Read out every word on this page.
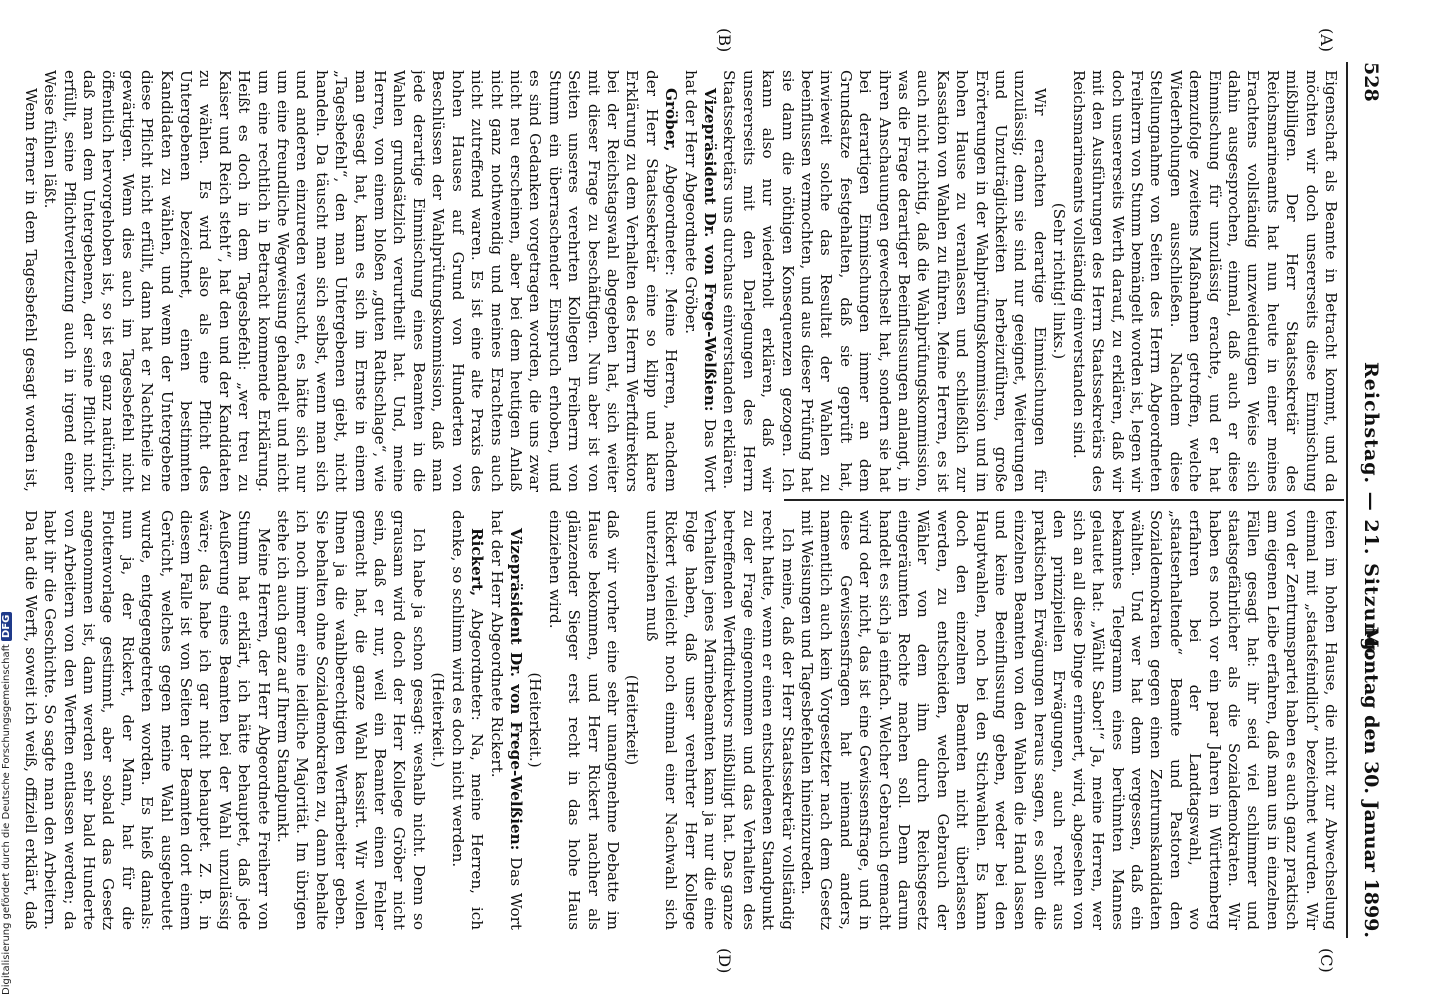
528
Reichstag. — 21. Sitzung.
Montag den 30. Januar 1899.
(A)
(B)
(C)
(D)

Eigenschaft als Beamte in Betracht kommt, und da möchten wir doch unsererseits diese Einmischung mißbilligen. Der Herr Staatssekretär des Reichsmarineamts hat nun heute in einer meines Erachtens vollständig unzweideutigen Weise sich dahin ausgesprochen, einmal, daß auch er diese Einmischung für unzulässig erachte, und er hat demzufolge zweitens Maßnahmen getroffen, welche Wiederholungen ausschließen. Nachdem diese Stellungnahme von Seiten des Herrn Abgeordneten Freiherrn von Stumm bemängelt worden ist, legen wir doch unsererseits Werth darauf, zu erklären, daß wir mit den Ausführungen des Herrn Staatssekretärs des Reichsmarineamts vollständig einverstanden sind.

(Sehr richtig! links.)

Wir erachten derartige Einmischungen für unzulässig; denn sie sind nur geeignet, Weiterungen und Unzuträglichkeiten herbeizuführen, große Erörterungen in der Wahlprüfungskommission und im hohen Hause zu veranlassen und schließlich zur Kassation von Wahlen zu führen. Meine Herren, es ist auch nicht richtig, daß die Wahlprüfungskommission, was die Frage derartiger Beeinflussungen anlangt, in ihren Anschauungen gewechselt hat, sondern sie hat bei derartigen Einmischungen immer an dem Grundsatze festgehalten, daß sie geprüft hat, inwieweit solche das Resultat der Wahlen zu beeinflussen vermochten, und aus dieser Prüfung hat sie dann die nöthigen Konsequenzen gezogen. Ich kann also nur wiederholt erklären, daß wir unsererseits mit den Darlegungen des Herrn Staatssekretärs uns durchaus einverstanden erklären.

Vizepräsident Dr. von Frege-Welßien: Das Wort hat der Herr Abgeordnete Gröber.

Gröber, Abgeordneter: Meine Herren, nachdem der Herr Staatssekretär eine so klipp und klare Erklärung zu dem Verhalten des Herrn Werftdirektors bei der Reichstagswahl abgegeben hat, sich weiter mit dieser Frage zu beschäftigen. Nun aber ist von Seiten unseres verehrten Kollegen Freiherrn von Stumm ein überraschender Einspruch erhoben, und es sind Gedanken vorgetragen worden, die uns zwar nicht neu erscheinen, aber bei dem heutigen Anlaß nicht ganz nothwendig und meines Erachtens auch nicht zutreffend waren. Es ist eine alte Praxis des hohen Hauses auf Grund von Hunderten von Beschlüssen der Wahlprüfungskommission, daß man jede derartige Einmischung eines Beamten in die Wahlen grundsätzlich verurtheilt hat. Und, meine Herren, von einem bloßen „guten Rathschlage“, wie man gesagt hat, kann es sich im Ernste in einem „Tagesbefehl“, den man Untergebenen giebt, nicht handeln. Da täuscht man sich selbst, wenn man sich und anderen einzureden versucht, es hätte sich nur um eine freundliche Wegweisung gehandelt und nicht um eine rechtlich in Betracht kommende Erklärung. Heißt es doch in dem Tagesbefehl: „wer treu zu Kaiser und Reich steht“, hat den und der Kandidaten zu wählen. Es wird also als eine Pflicht des Untergebenen bezeichnet, einen bestimmten Kandidaten zu wählen, und wenn der Untergebene diese Pflicht nicht erfüllt, dann hat er Nachtheile zu gewärtigen. Wenn dies auch im Tagesbefehl nicht öffentlich hervorgehoben ist, so ist es ganz natürlich, daß man dem Untergebenen, der seine Pflicht nicht erfüllt, seine Pflichtverletzung auch in irgend einer Weise fühlen läßt.

Wenn ferner in dem Tagesbefehl gesagt worden ist,

teien im hohen Hause, die nicht zur Abwechselung einmal mit „staatsfeindlich“ bezeichnet wurden. Wir von der Zentrumspartei haben es auch ganz praktisch am eigenen Leibe erfahren, daß man uns in einzelnen Fällen gesagt hat: ihr seid viel schlimmer und staatsgefährlicher als die Sozialdemokraten. Wir haben es noch vor ein paar Jahren in Württemberg erfahren bei der Landtagswahl, wo „staatserhaltende“ Beamte und Pastoren den Sozialdemokraten gegen einen Zentrumskandidaten wählten. Und wer hat denn vergessen, daß ein bekanntes Telegramm eines berühmten Mannes gelautet hat: „Wählt Sabor!“ Ja, meine Herren, wer sich an all diese Dinge erinnert, wird, abgesehen von den prinzipiellen Erwägungen, auch recht aus praktischen Erwägungen heraus sagen, es sollen die einzelnen Beamten von den Wahlen die Hand lassen und keine Beeinflussung geben, weder bei den Hauptwahlen, noch bei den Stichwahlen. Es kann doch den einzelnen Beamten nicht überlassen werden, zu entscheiden, welchen Gebrauch der Wähler von dem ihm durch Reichsgesetz eingeräumten Rechte machen soll. Denn darum handelt es sich ja einfach. Welcher Gebrauch gemacht wird oder nicht, das ist eine Gewissensfrage, und in diese Gewissensfragen hat niemand anders, namentlich auch kein Vorgesetzter nach dem Gesetz mit Weisungen und Tagesbefehlen hineinzureden.

Ich meine, daß der Herr Staatssekretär vollständig recht hatte, wenn er einen entschiedenen Standpunkt zu der Frage eingenommen und das Verhalten des betreffenden Werftdirektors mißbilligt hat. Das ganze Verhalten jenes Marinebeamten kann ja nur die eine Folge haben, daß unser verehrter Herr Kollege Rickert vielleicht noch einmal einer Nachwahl sich unterziehen muß

(Heiterkeit)

daß wir vorher eine sehr unangenehme Debatte im Hause bekommen, und Herr Rickert nachher als glänzender Sieger erst recht in das hohe Haus einziehen wird.

(Heiterkeit.)

Vizepräsident Dr. von Frege-Welßien: Das Wort hat der Herr Abgeordnete Rickert.

Rickert, Abgeordneter: Na, meine Herren, ich denke, so schlimm wird es doch nicht werden.

(Heiterkeit.)

Ich habe ja schon gesagt: weshalb nicht. Denn so grausam wird doch der Herr Kollege Gröber nicht sein, daß er nur, weil ein Beamter einen Fehler gemacht hat, die ganze Wahl kassirt. Wir wollen Ihnen ja die wahlberechtigten Werftarbeiter geben. Sie behalten ohne Sozialdemokraten zu, dann behalte ich noch immer eine leidliche Majorität. Im übrigen stehe ich auch ganz auf Ihrem Standpunkt.

Meine Herren, der Herr Abgeordnete Freiherr von Stumm hat erklärt, ich hätte behauptet, daß jede Aeußerung eines Beamten bei der Wahl unzulässig wäre; das habe ich gar nicht behauptet. Z. B. in diesem Falle ist von Seiten der Beamten dort einem Gerücht, welches gegen meine Wahl ausgebeutet wurde, entgegengetreten worden. Es hieß damals: nun ja, der Rickert, der Mann, hat für die Flottenvorlage gestimmt, aber sobald das Gesetz angenommen ist, dann werden sehr bald Hunderte von Arbeitern von den Werften entlassen werden; da habt ihr die Geschichte. So sagte man den Arbeitern. Da hat die Werft, soweit ich weiß, offiziell erklärt, daß

Digitalisierung gefördert durch die Deutsche Forschungsgemeinschaft DFG
